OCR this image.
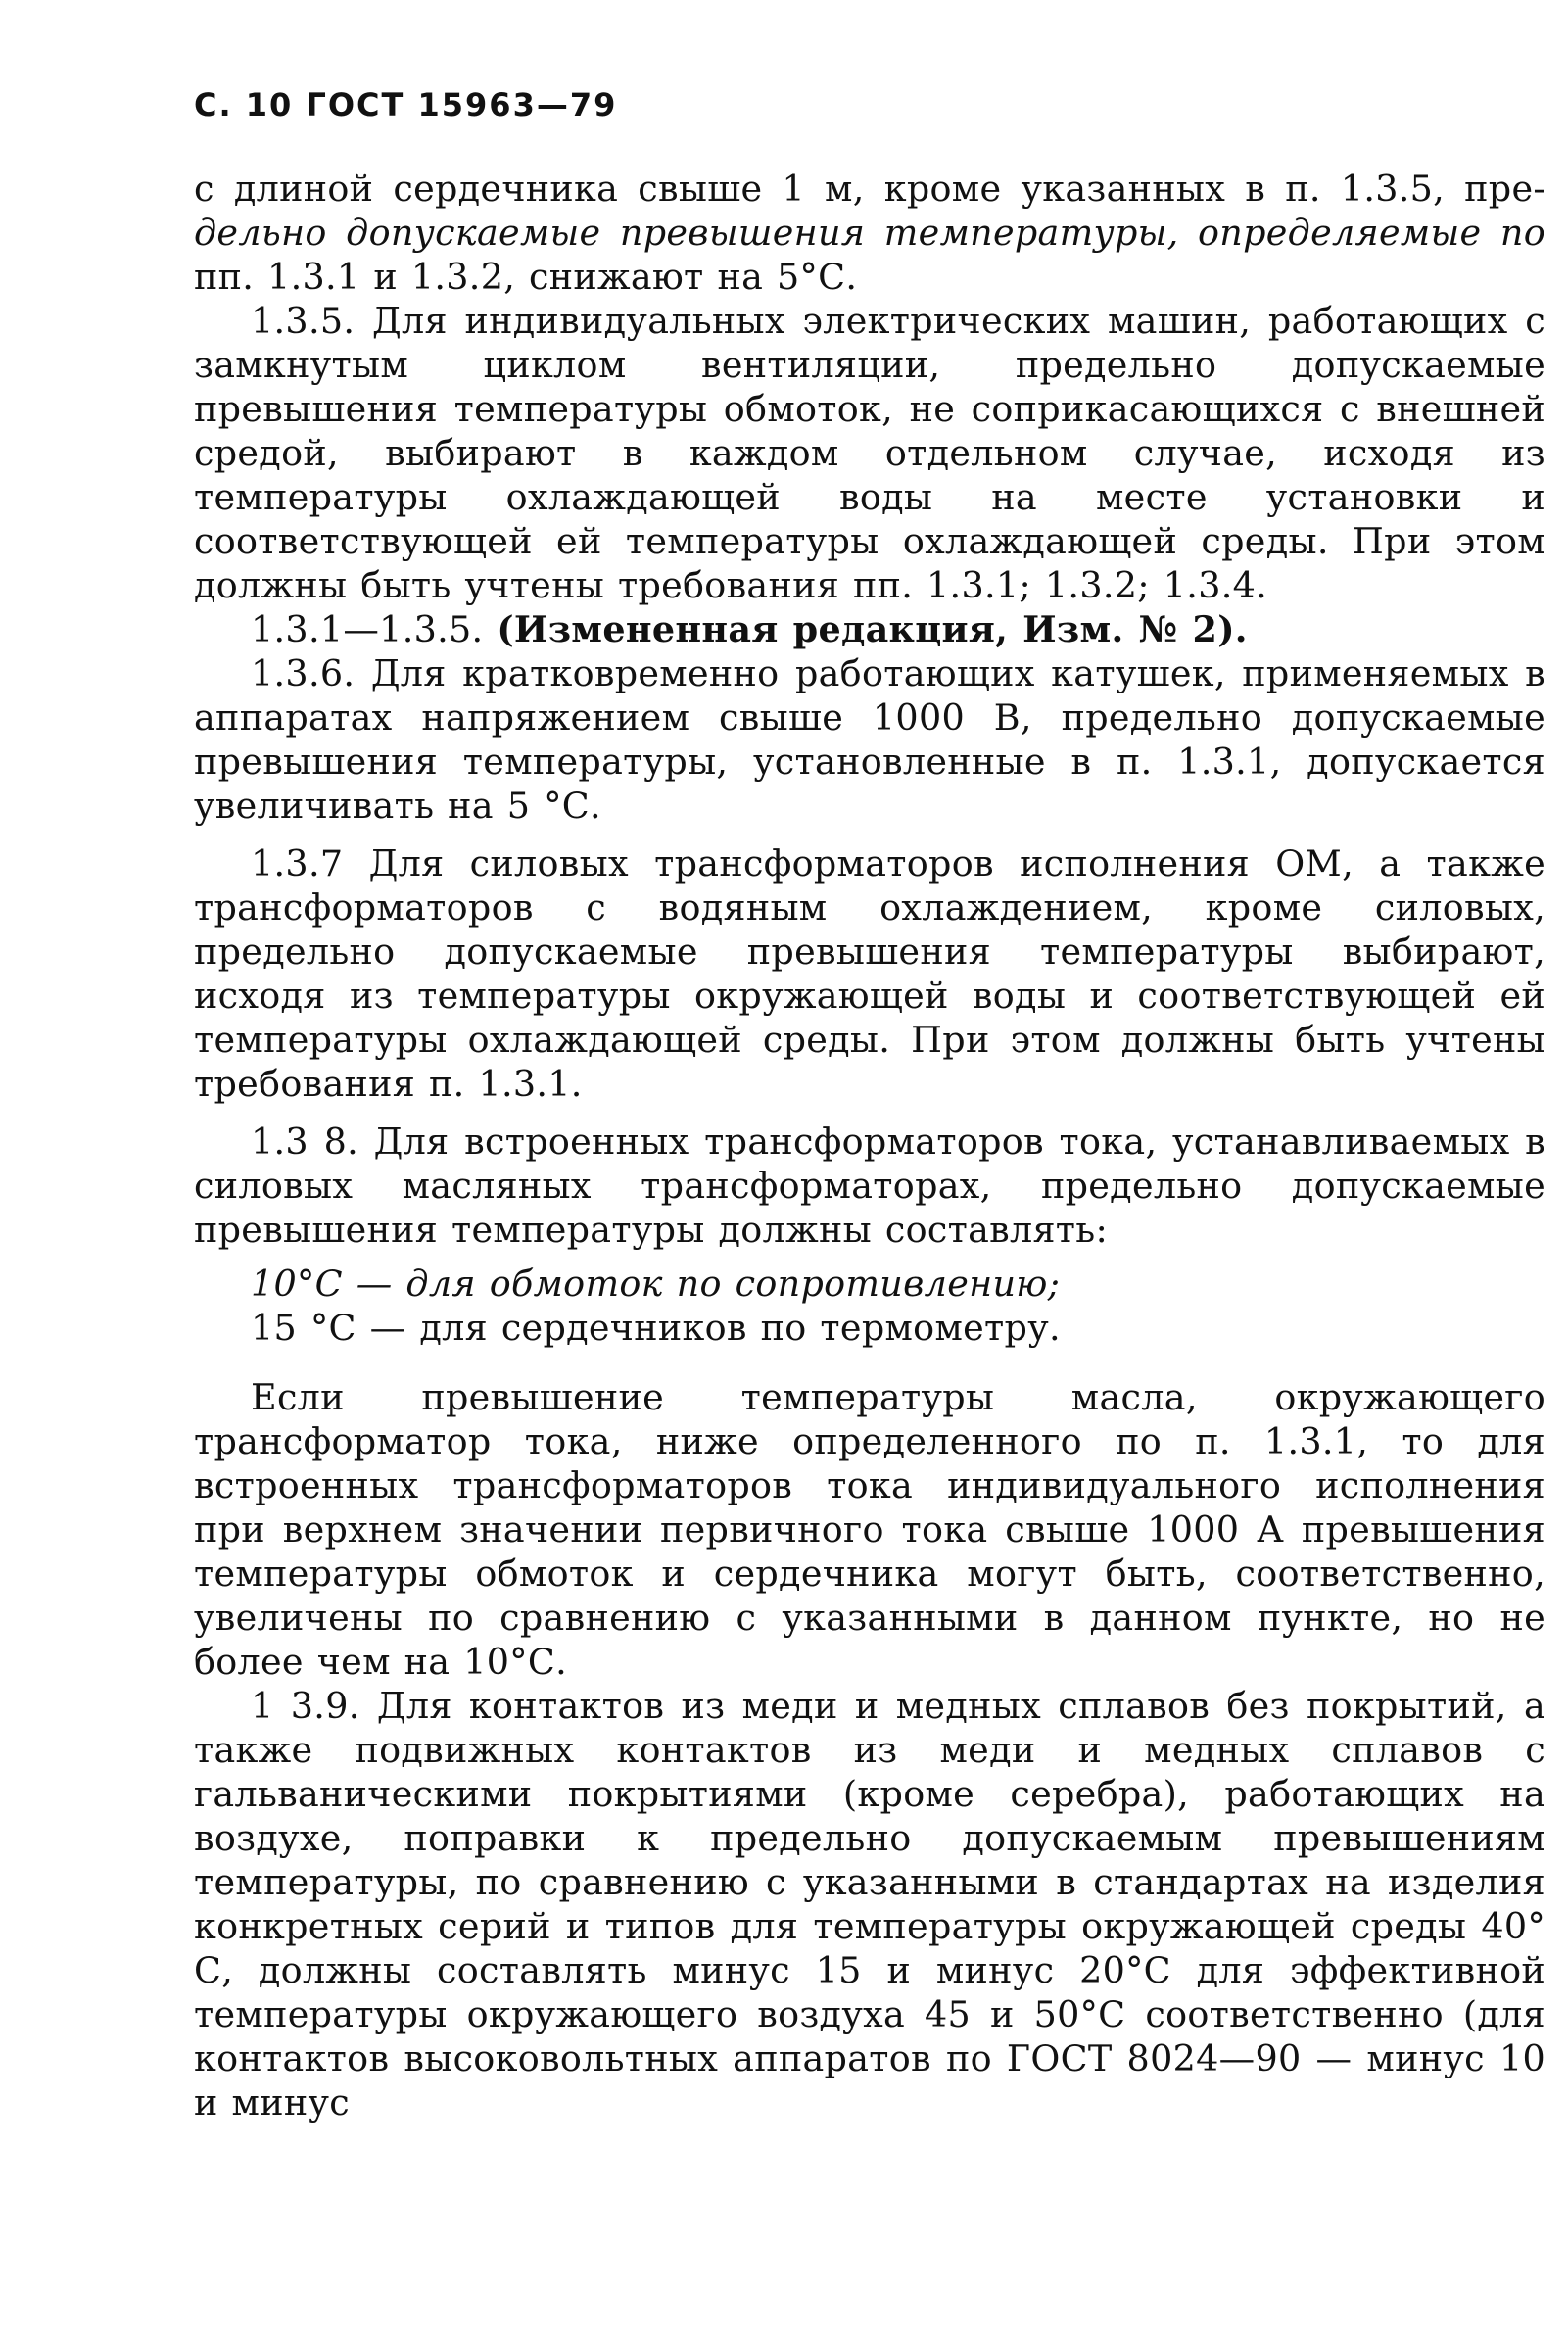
С. 10 ГОСТ 15963—79

с длиной сердечника свыше 1 м, кроме указанных в п. 1.3.5, пре- дельно допускаемые превышения температуры, определяемые по пп. 1.3.1 и 1.3.2, снижают на 5°С.

1.3.5. Для индивидуальных электрических машин, работающих с замкнутым циклом вентиляции, предельно допускаемые превышения температуры обмоток, не соприкасающихся с внешней средой, выбирают в каждом отдельном случае, исходя из температуры охлаждающей воды на месте установки и соответствующей ей температуры охлаждающей среды. При этом должны быть учтены требования пп. 1.3.1; 1.3.2; 1.3.4.

1.3.1—1.3.5. (Измененная редакция, Изм. № 2).

1.3.6. Для кратковременно работающих катушек, применяемых в аппаратах напряжением свыше 1000 В, предельно допускаемые превышения температуры, установленные в п. 1.3.1, допускается увеличивать на 5 °С.

1.3.7 Для силовых трансформаторов исполнения ОМ, а также трансформаторов с водяным охлаждением, кроме силовых, предельно допускаемые превышения температуры выбирают, исходя из температуры окружающей воды и соответствующей ей температуры охлаждающей среды. При этом должны быть учтены требования п. 1.3.1.

1.3 8. Для встроенных трансформаторов тока, устанавливаемых в силовых масляных трансформаторах, предельно допускаемые превышения температуры должны составлять:

10°С — для обмоток по сопротивлению;
15 °С — для сердечников по термометру.

Если превышение температуры масла, окружающего трансформатор тока, ниже определенного по п. 1.3.1, то для встроенных трансформаторов тока индивидуального исполнения при верхнем значении первичного тока свыше 1000 А превышения температуры обмоток и сердечника могут быть, соответственно, увеличены по сравнению с указанными в данном пункте, но не более чем на 10°С.

1 3.9. Для контактов из меди и медных сплавов без покрытий, а также подвижных контактов из меди и медных сплавов с гальваническими покрытиями (кроме серебра), работающих на воздухе, поправки к предельно допускаемым превышениям температуры, по сравнению с указанными в стандартах на изделия конкретных серий и типов для температуры окружающей среды 40° С, должны составлять минус 15 и минус 20°С для эффективной температуры окружающего воздуха 45 и 50°С соответственно (для контактов высоковольтных аппаратов по ГОСТ 8024—90 — минус 10 и минус
